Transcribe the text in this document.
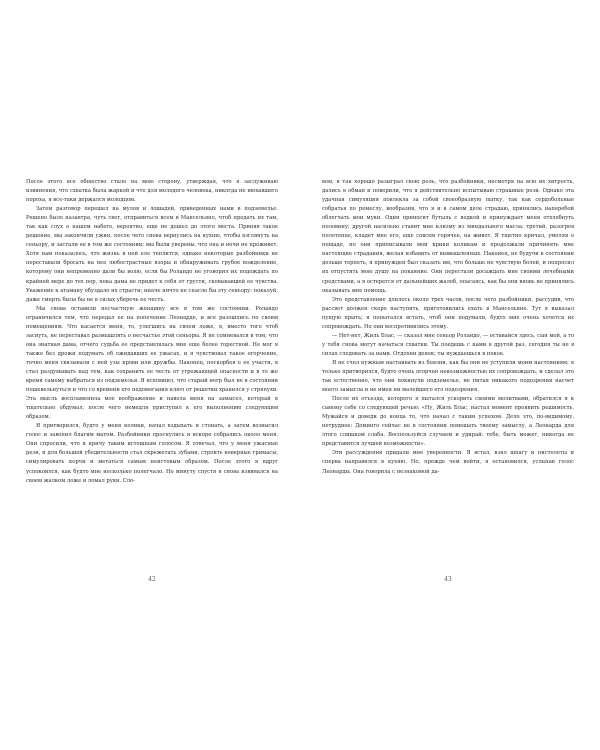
После этого все общество стало на мою сторону, утверждая, что я заслуживаю извинения, что схватка была жаркой и что для молодого человека, никогда не нюхавшего пороха, я все-таки держался молодцом.

Затем разговор перешел на мулов и лошадей, приведенных нами в подземелье. Решено было назавтра, чуть свет, отправиться всем в Мансельяно, чтоб продать их там, так как слух о нашем набеге, вероятно, еще не дошел до этого места. Приняв такое решение, мы закончили ужин, после чего снова вернулись на кухню, чтобы взглянуть на сеньору, и застали ее в том же состоянии; мы были уверены, что она и ночи не проживет. Хотя нам показалось, что жизнь в ней еле теплится, однако некоторые разбойники не переставали бросать на нее любострастные взоры и обнаруживать грубое вожделение, которому они непременно дали бы волю, если бы Роландо не уговорил их подождать по крайней мере до тех пор, пока дама не придет в себя от грусти, сковывавшей ее чувства. Уважение к атаману обуздало их страсти; иначе ничто не спасло бы эту сеньору: покалуй, даже смерть была бы не в силах уберечь ее честь.

Мы снова оставили несчастную женщину все в том же состоянии. Роландо ограничился тем, что передал ее на попечение Леонарде, и все разошлись по своим помещениям. Что касается меня, то, улегшись на своем ложе, я, вместо того чтоб заснуть, не переставал размышлять о несчастье этой сеньоры. Я не сомневался в том, что она знатная дама, отчего судьба ее представлялась мне еще более горестной. Не мог я также без дрожи подумать об ожидавших ее ужасах, и я чувствовал такое огорчение, точно меня связывали с ней узы крови или дружбы. Наконец, поскорбев о ее участи, я стал раздумывать над тем, как сохранить ее честь от угрожающей опасности и в то же время самому выбраться из подземелья. Я вспомнил, что старый негр был не в состоянии пошевельнуться и что со времени его недомогания ключ от решетки хранился у стряпухи. Эта мысль воспламенила мое воображение и навела меня на замысел, который я тщательно обдумал, после чего немедля приступил к его выполнению следующим образом.

Я притворился, будто у меня колики, начал вздыхать и стонать, а затем возвысил голос и завопил благим матом. Разбойники проснулись и вскоре собрались около меня. Они спросили, что я кричу таким истошным голосом. Я отвечал, что у меня ужасные рези, и для большей убедительности стал скрежетать зубами, строить неверные гримасы, симулировать корчи и метаться самым неистовым образом. После этого я вдруг успокоился, как будто мне несколько полегчало. Но минуту спустя я снова извивался на своем жалком ложе и ломал руки. Сло-

42

вом, я так хорошо разыграл свою роль, что разбойники, несмотря на всю их хитрость, дались в обман и поверили, что я действительно испытываю страшные рези. Однако эта удачная симуляция повлекла за собой своеобразную пытку, так как сердобольные собратья по ремеслу, вообразив, что я и в самом деле страдаю, принялись наперебой облегчать мои муки. Один приносит бутыль с водкой и принуждает меня отхлебнуть половину; другой насильно ставит мне клизму из миндального масла; третий, разогрев полотенце, кладет мне его, еще совсем горячее, на живот. Я тщетно кричал, умоляя о пощаде, но они приписывали мои крики коликам и продолжали причинять мне настоящие страдания, желая избавить от вымышленных. Наконец, не будучи в состоянии дольше терпеть, я принужден был сказать им, что больше не чувствую болей, и попросил их отпустить мою душу на покаяние. Они перестали досаждать мне своими лечебными средствами, а я остерегся от дальнейших жалоб, опасаясь, как бы они вновь не принялись оказывать мне помощь.

Это представление длилось около трех часов, после чего разбойники, рассудив, что рассвет должен скоро наступить, приготовились ехать в Мансельяно. Тут я выказал пущую прыть; я попытался встать, чтоб они подумали, будто мне очень хочется их сопровождать. Но они воспротивились этому.

— Нет-нет, Жиль Блас, — сказал мне сеньор Роландо, — оставайся здесь, сын мой, а то у тебя снова могут начаться схватки. Ты поедешь с нами в другой раз, сегодня ты не в силах следовать за нами. Отдохни денек; ты нуждаешься в покое.

Я не счел нужным настаивать из боязни, как бы они не уступили моим настояниям; я только притворился, будто очень огорчен невозможностью их сопровождать, и сделал это так естественно, что они покинули подземелье, не питая никакого подозрения насчет моего замысла и не имея ни малейшего его подозрения.

После их отъезда, которого я пытался ускорить своими молитвами, обратился я к самому себе со следующей речью: «Ну, Жиль Блас, настал момент проявить решимость. Мужайся и доведи до конца то, что начал с таким успехом. Дело это, по-видимому, нетрудное: Доминго сейчас не в состоянии помешать твоему замыслу, а Леонарда для этого слишком слаба. Воспользуйся случаем и удирай: тебе, быть может, никогда не представится лучшей возможности».

Эти рассуждения придали мне уверенности. Я встал, взял шпагу и пистолеты и сперва направился в кухню. Но, прежде чем войти, я остановился, услыхав голос Леонарды. Она говорила с незнакомой да-

43
